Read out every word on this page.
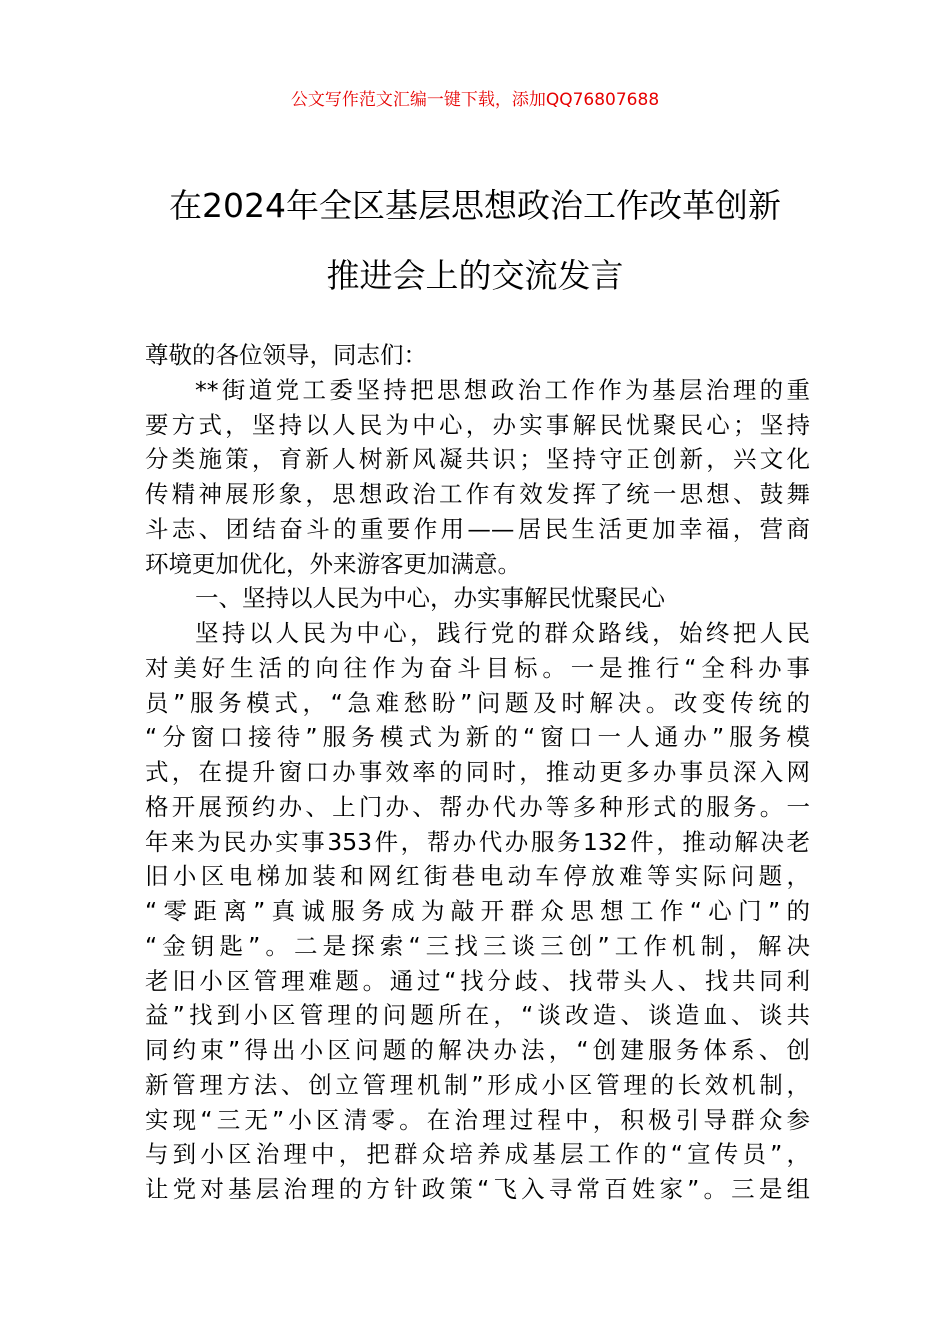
公文写作范文汇编一键下载，添加QQ76807688
在2024年全区基层思想政治工作改革创新
推进会上的交流发言
尊敬的各位领导，同志们：
**街道党工委坚持把思想政治工作作为基层治理的重
要方式，坚持以人民为中心，办实事解民忧聚民心；坚持
分类施策，育新人树新风凝共识；坚持守正创新，兴文化
传精神展形象，思想政治工作有效发挥了统一思想、鼓舞
斗志、团结奋斗的重要作用——居民生活更加幸福，营商
环境更加优化，外来游客更加满意。
一、坚持以人民为中心，办实事解民忧聚民心
坚持以人民为中心，践行党的群众路线，始终把人民
对美好生活的向往作为奋斗目标。一是推行“全科办事
员”服务模式，“急难愁盼”问题及时解决。改变传统的
“分窗口接待”服务模式为新的“窗口一人通办”服务模
式，在提升窗口办事效率的同时，推动更多办事员深入网
格开展预约办、上门办、帮办代办等多种形式的服务。一
年来为民办实事353件，帮办代办服务132件，推动解决老
旧小区电梯加装和网红街巷电动车停放难等实际问题，
“零距离”真诚服务成为敲开群众思想工作“心门”的
“金钥匙”。二是探索“三找三谈三创”工作机制，解决
老旧小区管理难题。通过“找分歧、找带头人、找共同利
益”找到小区管理的问题所在，“谈改造、谈造血、谈共
同约束”得出小区问题的解决办法，“创建服务体系、创
新管理方法、创立管理机制”形成小区管理的长效机制，
实现“三无”小区清零。在治理过程中，积极引导群众参
与到小区治理中，把群众培养成基层工作的“宣传员”，
让党对基层治理的方针政策“飞入寻常百姓家”。三是组
